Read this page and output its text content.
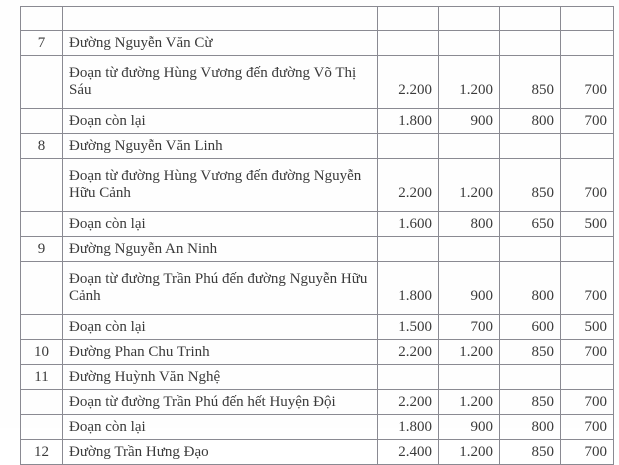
7	Đường Nguyễn Văn Cừ				
	Đoạn từ đường Hùng Vương đến đường Võ Thị Sáu	2.200	1.200	850	700
	Đoạn còn lại	1.800	900	800	700
8	Đường Nguyễn Văn Linh				
	Đoạn từ đường Hùng Vương đến đường Nguyễn Hữu Cảnh	2.200	1.200	850	700
	Đoạn còn lại	1.600	800	650	500
9	Đường Nguyễn An Ninh				
	Đoạn từ đường Trần Phú đến đường Nguyễn Hữu Cảnh	1.800	900	800	700
	Đoạn còn lại	1.500	700	600	500
10	Đường Phan Chu Trinh	2.200	1.200	850	700
11	Đường Huỳnh Văn Nghệ				
	Đoạn từ đường Trần Phú đến hết Huyện Đội	2.200	1.200	850	700
	Đoạn còn lại	1.800	900	800	700
12	Đường Trần Hưng Đạo	2.400	1.200	850	700
